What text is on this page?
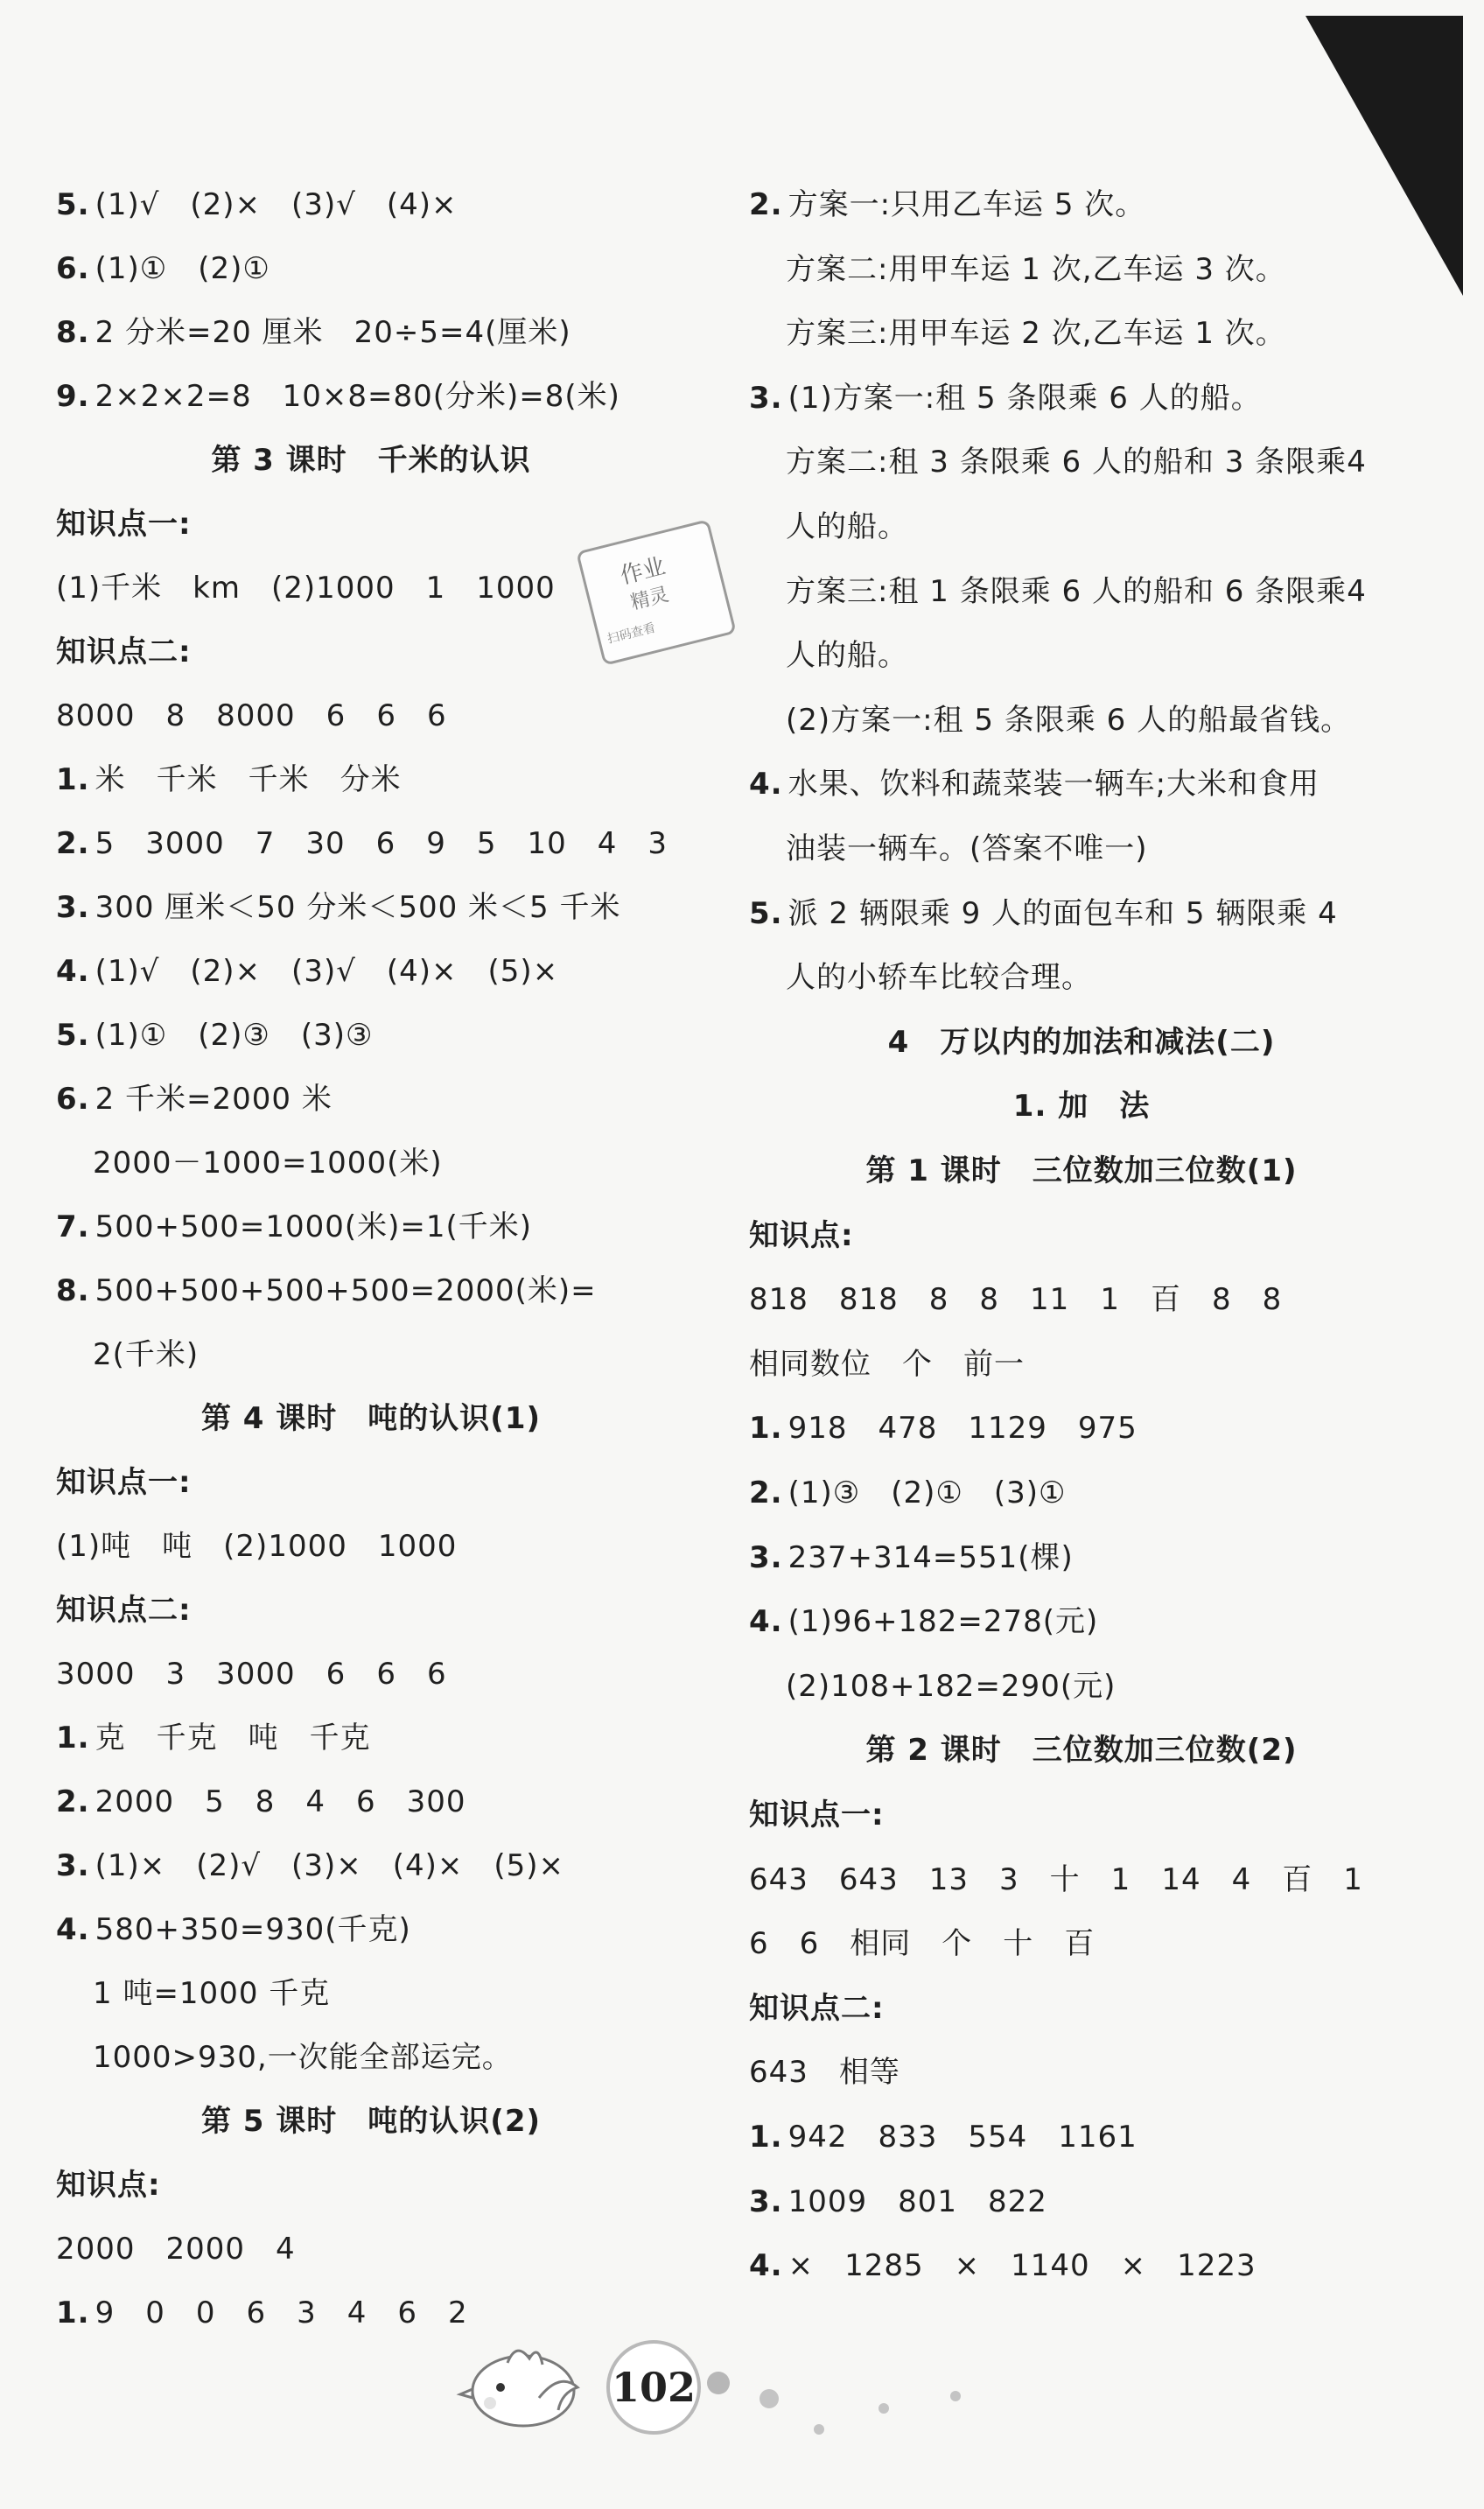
5. (1)√　(2)×　(3)√　(4)×
6. (1)①　(2)①
8. 2 分米=20 厘米　20÷5=4(厘米)
9. 2×2×2=8　10×8=80(分米)=8(米)
第 3 课时　千米的认识
知识点一:
(1)千米　km　(2)1000　1　1000
知识点二:
8000　8　8000　6　6　6
1. 米　千米　千米　分米
2. 5　3000　7　30　6　9　5　10　4　3
3. 300 厘米＜50 分米＜500 米＜5 千米
4. (1)√　(2)×　(3)√　(4)×　(5)×
5. (1)①　(2)③　(3)③
6. 2 千米=2000 米
2000－1000=1000(米)
7. 500+500=1000(米)=1(千米)
8. 500+500+500+500=2000(米)=
2(千米)
第 4 课时　吨的认识(1)
知识点一:
(1)吨　吨　(2)1000　1000
知识点二:
3000　3　3000　6　6　6
1. 克　千克　吨　千克
2. 2000　5　8　4　6　300
3. (1)×　(2)√　(3)×　(4)×　(5)×
4. 580+350=930(千克)
1 吨=1000 千克
1000>930,一次能全部运完。
第 5 课时　吨的认识(2)
知识点:
2000　2000　4
1. 9　0　0　6　3　4　6　2
2. 方案一:只用乙车运 5 次。
方案二:用甲车运 1 次,乙车运 3 次。
方案三:用甲车运 2 次,乙车运 1 次。
3. (1)方案一:租 5 条限乘 6 人的船。
方案二:租 3 条限乘 6 人的船和 3 条限乘4
人的船。
方案三:租 1 条限乘 6 人的船和 6 条限乘4
人的船。
(2)方案一:租 5 条限乘 6 人的船最省钱。
4. 水果、饮料和蔬菜装一辆车;大米和食用
油装一辆车。(答案不唯一)
5. 派 2 辆限乘 9 人的面包车和 5 辆限乘 4
人的小轿车比较合理。
4　万以内的加法和减法(二)
1. 加　法
第 1 课时　三位数加三位数(1)
知识点:
818　818　8　8　11　1　百　8　8
相同数位　个　前一
1. 918　478　1129　975
2. (1)③　(2)①　(3)①
3. 237+314=551(棵)
4. (1)96+182=278(元)
(2)108+182=290(元)
第 2 课时　三位数加三位数(2)
知识点一:
643　643　13　3　十　1　14　4　百　1
6　6　相同　个　十　百
知识点二:
643　相等
1. 942　833　554　1161
3. 1009　801　822
4. ×　1285　×　1140　×　1223
作业
精灵
扫码查看
102
